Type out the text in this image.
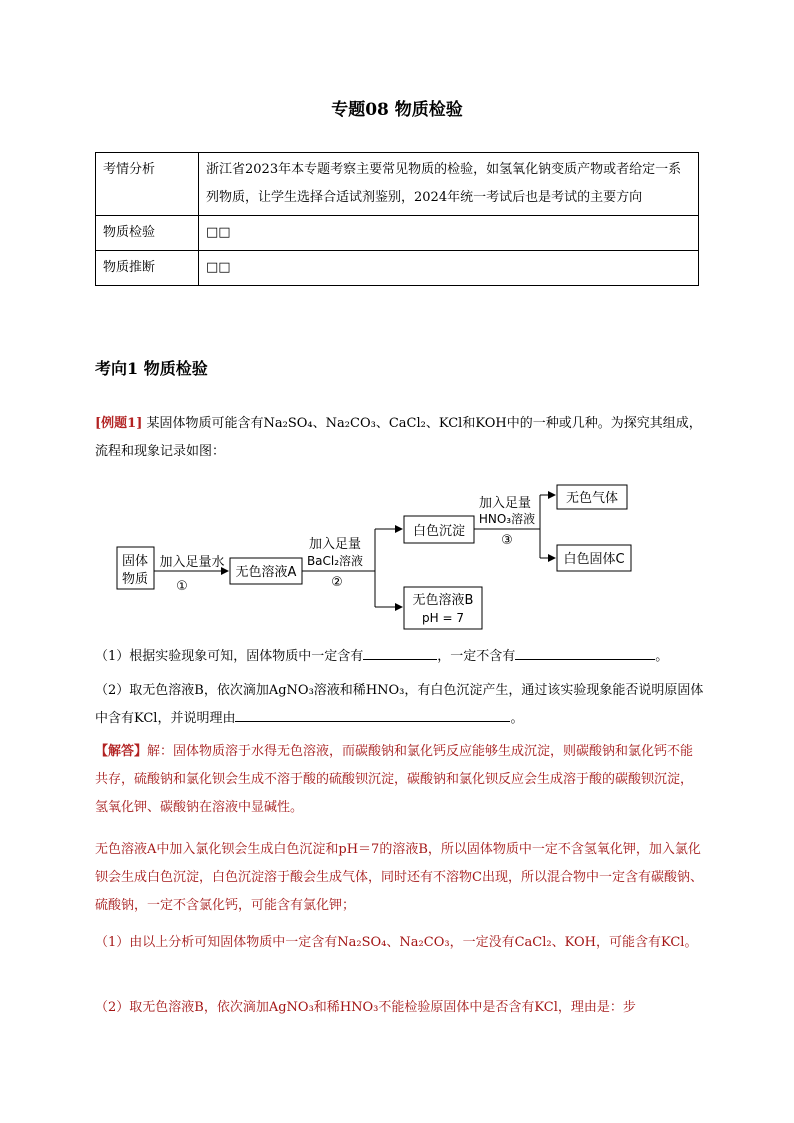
专题08 物质检验
考情分析	浙江省2023年本专题考察主要常见物质的检验，如氢氧化钠变质产物或者给定一系列物质，让学生选择合适试剂鉴别，2024年统一考试后也是考试的主要方向
物质检验	□□
物质推断	□□
考向1 物质检验
[例题1] 某固体物质可能含有Na₂SO₄、Na₂CO₃、CaCl₂、KCl和KOH中的一种或几种。为探究其组成，流程和现象记录如图：
固体
物质
加入足量水
①
无色溶液A
加入足量
BaCl₂溶液
②
白色沉淀
加入足量
HNO₃溶液
③
无色气体
白色固体C
无色溶液B
pH = 7
（1）根据实验现象可知，固体物质中一定含有	，一定不含有	。
（2）取无色溶液B，依次滴加AgNO₃溶液和稀HNO₃，有白色沉淀产生，通过该实验现象能否说明原固体中含有KCl，并说明理由	。
【解答】解：固体物质溶于水得无色溶液，而碳酸钠和氯化钙反应能够生成沉淀，则碳酸钠和氯化钙不能共存，硫酸钠和氯化钡会生成不溶于酸的硫酸钡沉淀，碳酸钠和氯化钡反应会生成溶于酸的碳酸钡沉淀，氢氧化钾、碳酸钠在溶液中显碱性。
无色溶液A中加入氯化钡会生成白色沉淀和pH＝7的溶液B，所以固体物质中一定不含氢氧化钾，加入氯化钡会生成白色沉淀，白色沉淀溶于酸会生成气体，同时还有不溶物C出现，所以混合物中一定含有碳酸钠、硫酸钠，一定不含氯化钙，可能含有氯化钾；
（1）由以上分析可知固体物质中一定含有Na₂SO₄、Na₂CO₃，一定没有CaCl₂、KOH，可能含有KCl。
（2）取无色溶液B，依次滴加AgNO₃和稀HNO₃不能检验原固体中是否含有KCl，理由是：步
